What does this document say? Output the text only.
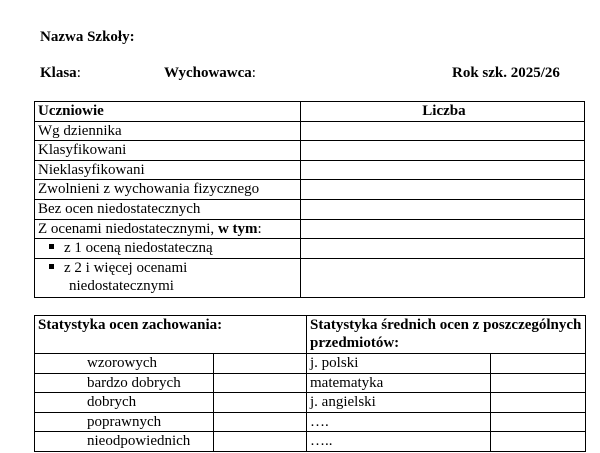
Nazwa Szkoły:
Klasa:	Wychowawca:	Rok szk. 2025/26
Uczniowie	Liczba
Wg dziennika	
Klasyfikowani	
Nieklasyfikowani	
Zwolnieni z wychowania fizycznego	
Bez ocen niedostatecznych	
Z ocenami niedostatecznymi, w tym:	
z 1 oceną niedostateczną	
z 2 i więcej ocenami
niedostatecznymi	

Statystyka ocen zachowania:		Statystyka średnich ocen z poszczególnych przedmiotów:	
wzorowych		j. polski	
bardzo dobrych		matematyka	
dobrych		j. angielski	
poprawnych		….	
nieodpowiednich		…..	
